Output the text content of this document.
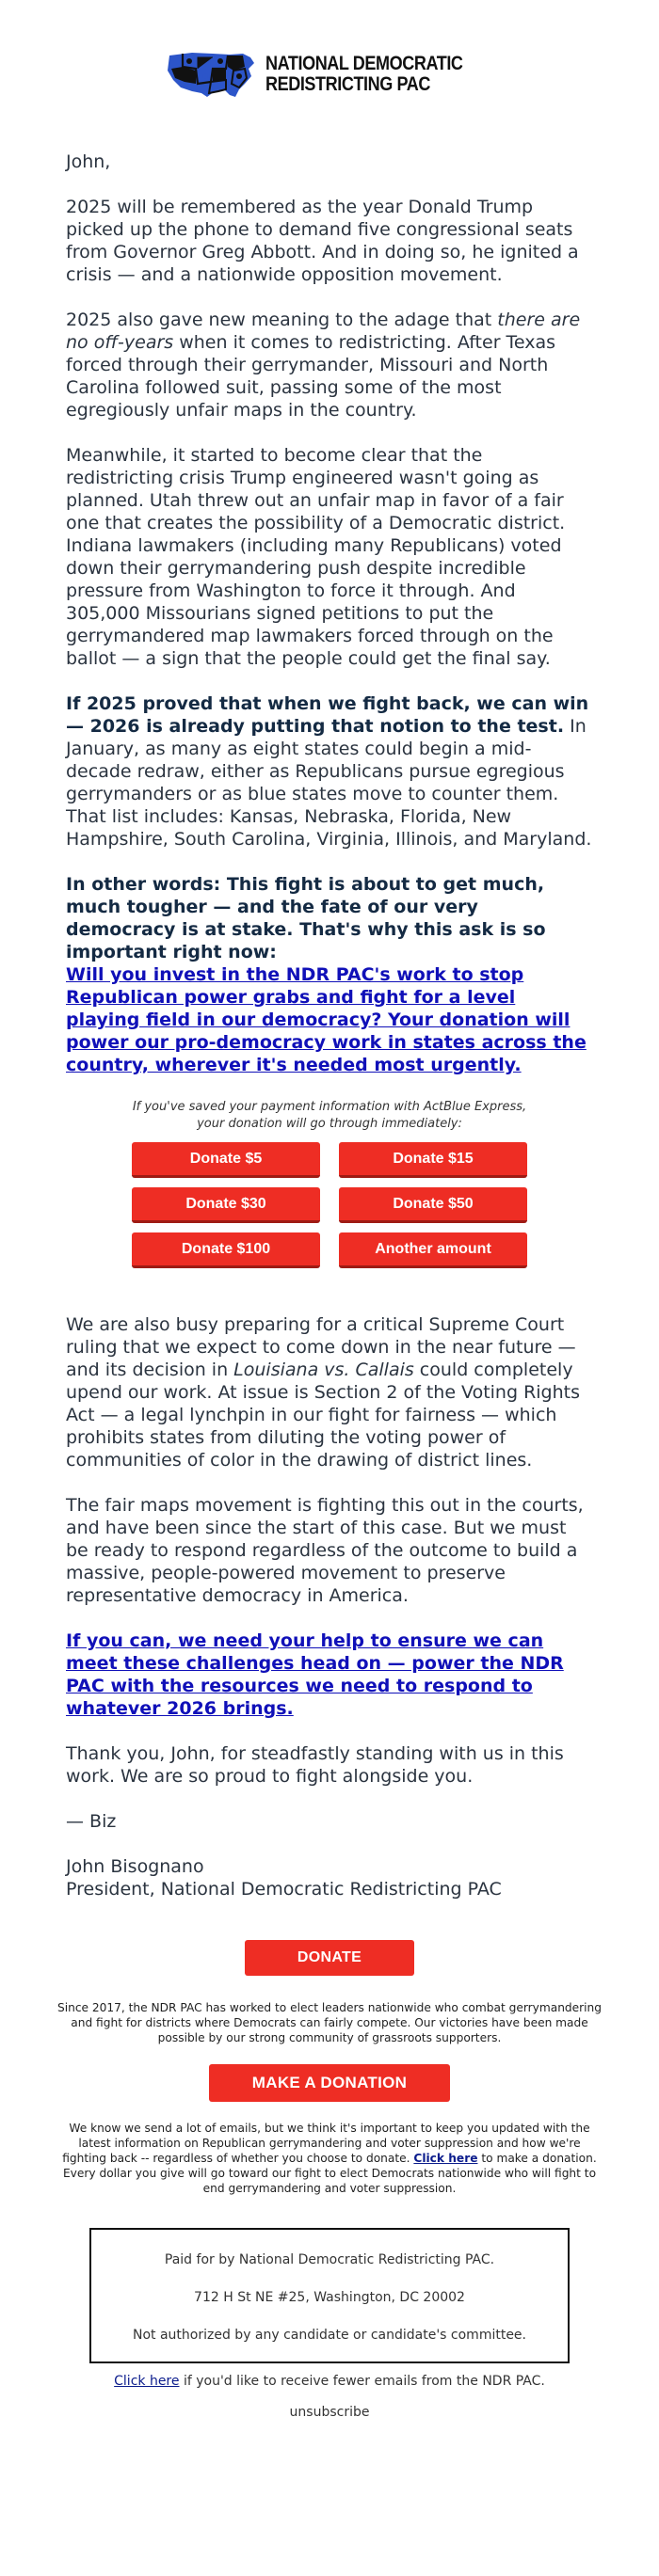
NATIONAL DEMOCRATIC
REDISTRICTING PAC

John,

2025 will be remembered as the year Donald Trump picked up the phone to demand five congressional seats from Governor Greg Abbott. And in doing so, he ignited a crisis — and a nationwide opposition movement.

2025 also gave new meaning to the adage that there are no off-years when it comes to redistricting. After Texas forced through their gerrymander, Missouri and North Carolina followed suit, passing some of the most egregiously unfair maps in the country.

Meanwhile, it started to become clear that the redistricting crisis Trump engineered wasn't going as planned. Utah threw out an unfair map in favor of a fair one that creates the possibility of a Democratic district. Indiana lawmakers (including many Republicans) voted down their gerrymandering push despite incredible pressure from Washington to force it through. And 305,000 Missourians signed petitions to put the gerrymandered map lawmakers forced through on the ballot — a sign that the people could get the final say.

If 2025 proved that when we fight back, we can win — 2026 is already putting that notion to the test. In January, as many as eight states could begin a mid-decade redraw, either as Republicans pursue egregious gerrymanders or as blue states move to counter them. That list includes: Kansas, Nebraska, Florida, New Hampshire, South Carolina, Virginia, Illinois, and Maryland.

In other words: This fight is about to get much, much tougher — and the fate of our very democracy is at stake. That's why this ask is so important right now:
Will you invest in the NDR PAC's work to stop Republican power grabs and fight for a level playing field in our democracy? Your donation will power our pro-democracy work in states across the country, wherever it's needed most urgently.

If you've saved your payment information with ActBlue Express, your donation will go through immediately:
Donate $5	Donate $15
Donate $30	Donate $50
Donate $100	Another amount

We are also busy preparing for a critical Supreme Court ruling that we expect to come down in the near future — and its decision in Louisiana vs. Callais could completely upend our work. At issue is Section 2 of the Voting Rights Act — a legal lynchpin in our fight for fairness — which prohibits states from diluting the voting power of communities of color in the drawing of district lines.

The fair maps movement is fighting this out in the courts, and have been since the start of this case. But we must be ready to respond regardless of the outcome to build a massive, people-powered movement to preserve representative democracy in America.

If you can, we need your help to ensure we can meet these challenges head on — power the NDR PAC with the resources we need to respond to whatever 2026 brings.

Thank you, John, for steadfastly standing with us in this work. We are so proud to fight alongside you.

— Biz

John Bisognano

President, National Democratic Redistricting PAC

DONATE

Since 2017, the NDR PAC has worked to elect leaders nationwide who combat gerrymandering and fight for districts where Democrats can fairly compete. Our victories have been made possible by our strong community of grassroots supporters.

MAKE A DONATION

We know we send a lot of emails, but we think it's important to keep you updated with the latest information on Republican gerrymandering and voter suppression and how we're fighting back -- regardless of whether you choose to donate. Click here to make a donation. Every dollar you give will go toward our fight to elect Democrats nationwide who will fight to end gerrymandering and voter suppression.

Paid for by National Democratic Redistricting PAC.
712 H St NE #25, Washington, DC 20002
Not authorized by any candidate or candidate's committee.

Click here if you'd like to receive fewer emails from the NDR PAC.

unsubscribe
